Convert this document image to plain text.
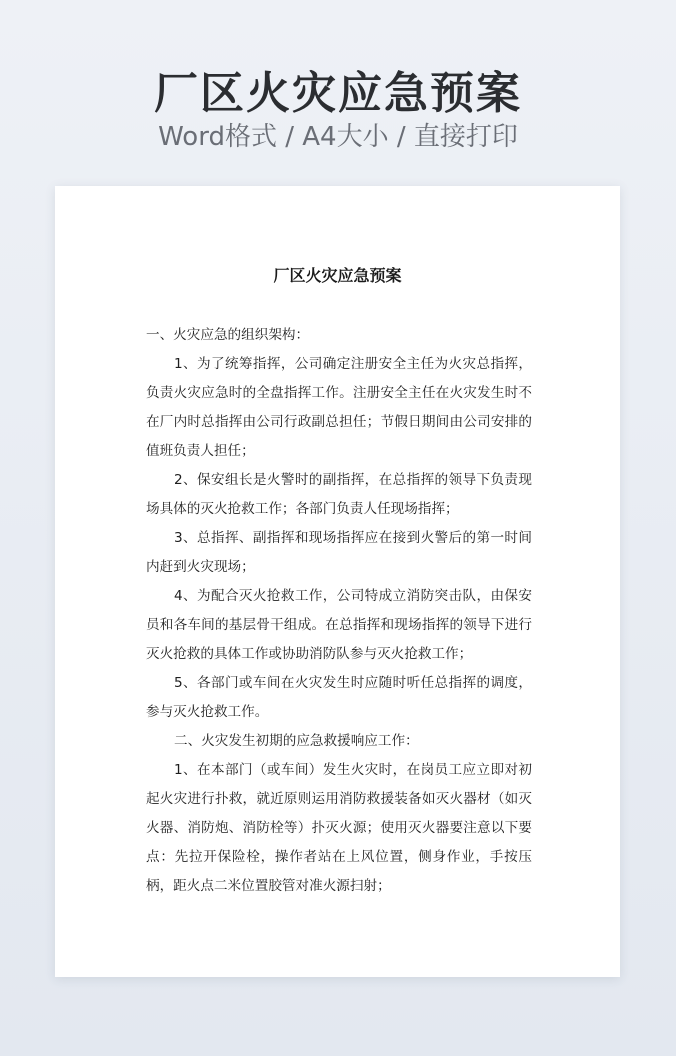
厂区火灾应急预案
Word格式 / A4大小 / 直接打印
厂区火灾应急预案

一、火灾应急的组织架构：

1、为了统筹指挥，公司确定注册安全主任为火灾总指挥，负责火灾应急时的全盘指挥工作。注册安全主任在火灾发生时不在厂内时总指挥由公司行政副总担任；节假日期间由公司安排的值班负责人担任；

2、保安组长是火警时的副指挥，在总指挥的领导下负责现场具体的灭火抢救工作；各部门负责人任现场指挥；

3、总指挥、副指挥和现场指挥应在接到火警后的第一时间内赶到火灾现场；

4、为配合灭火抢救工作，公司特成立消防突击队，由保安员和各车间的基层骨干组成。在总指挥和现场指挥的领导下进行灭火抢救的具体工作或协助消防队参与灭火抢救工作；

5、各部门或车间在火灾发生时应随时听任总指挥的调度，参与灭火抢救工作。

二、火灾发生初期的应急救援响应工作：

1、在本部门（或车间）发生火灾时，在岗员工应立即对初起火灾进行扑救，就近原则运用消防救援装备如灭火器材（如灭火器、消防炮、消防栓等）扑灭火源；使用灭火器要注意以下要点：先拉开保险栓，操作者站在上风位置，侧身作业，手按压柄，距火点二米位置胶管对准火源扫射；
